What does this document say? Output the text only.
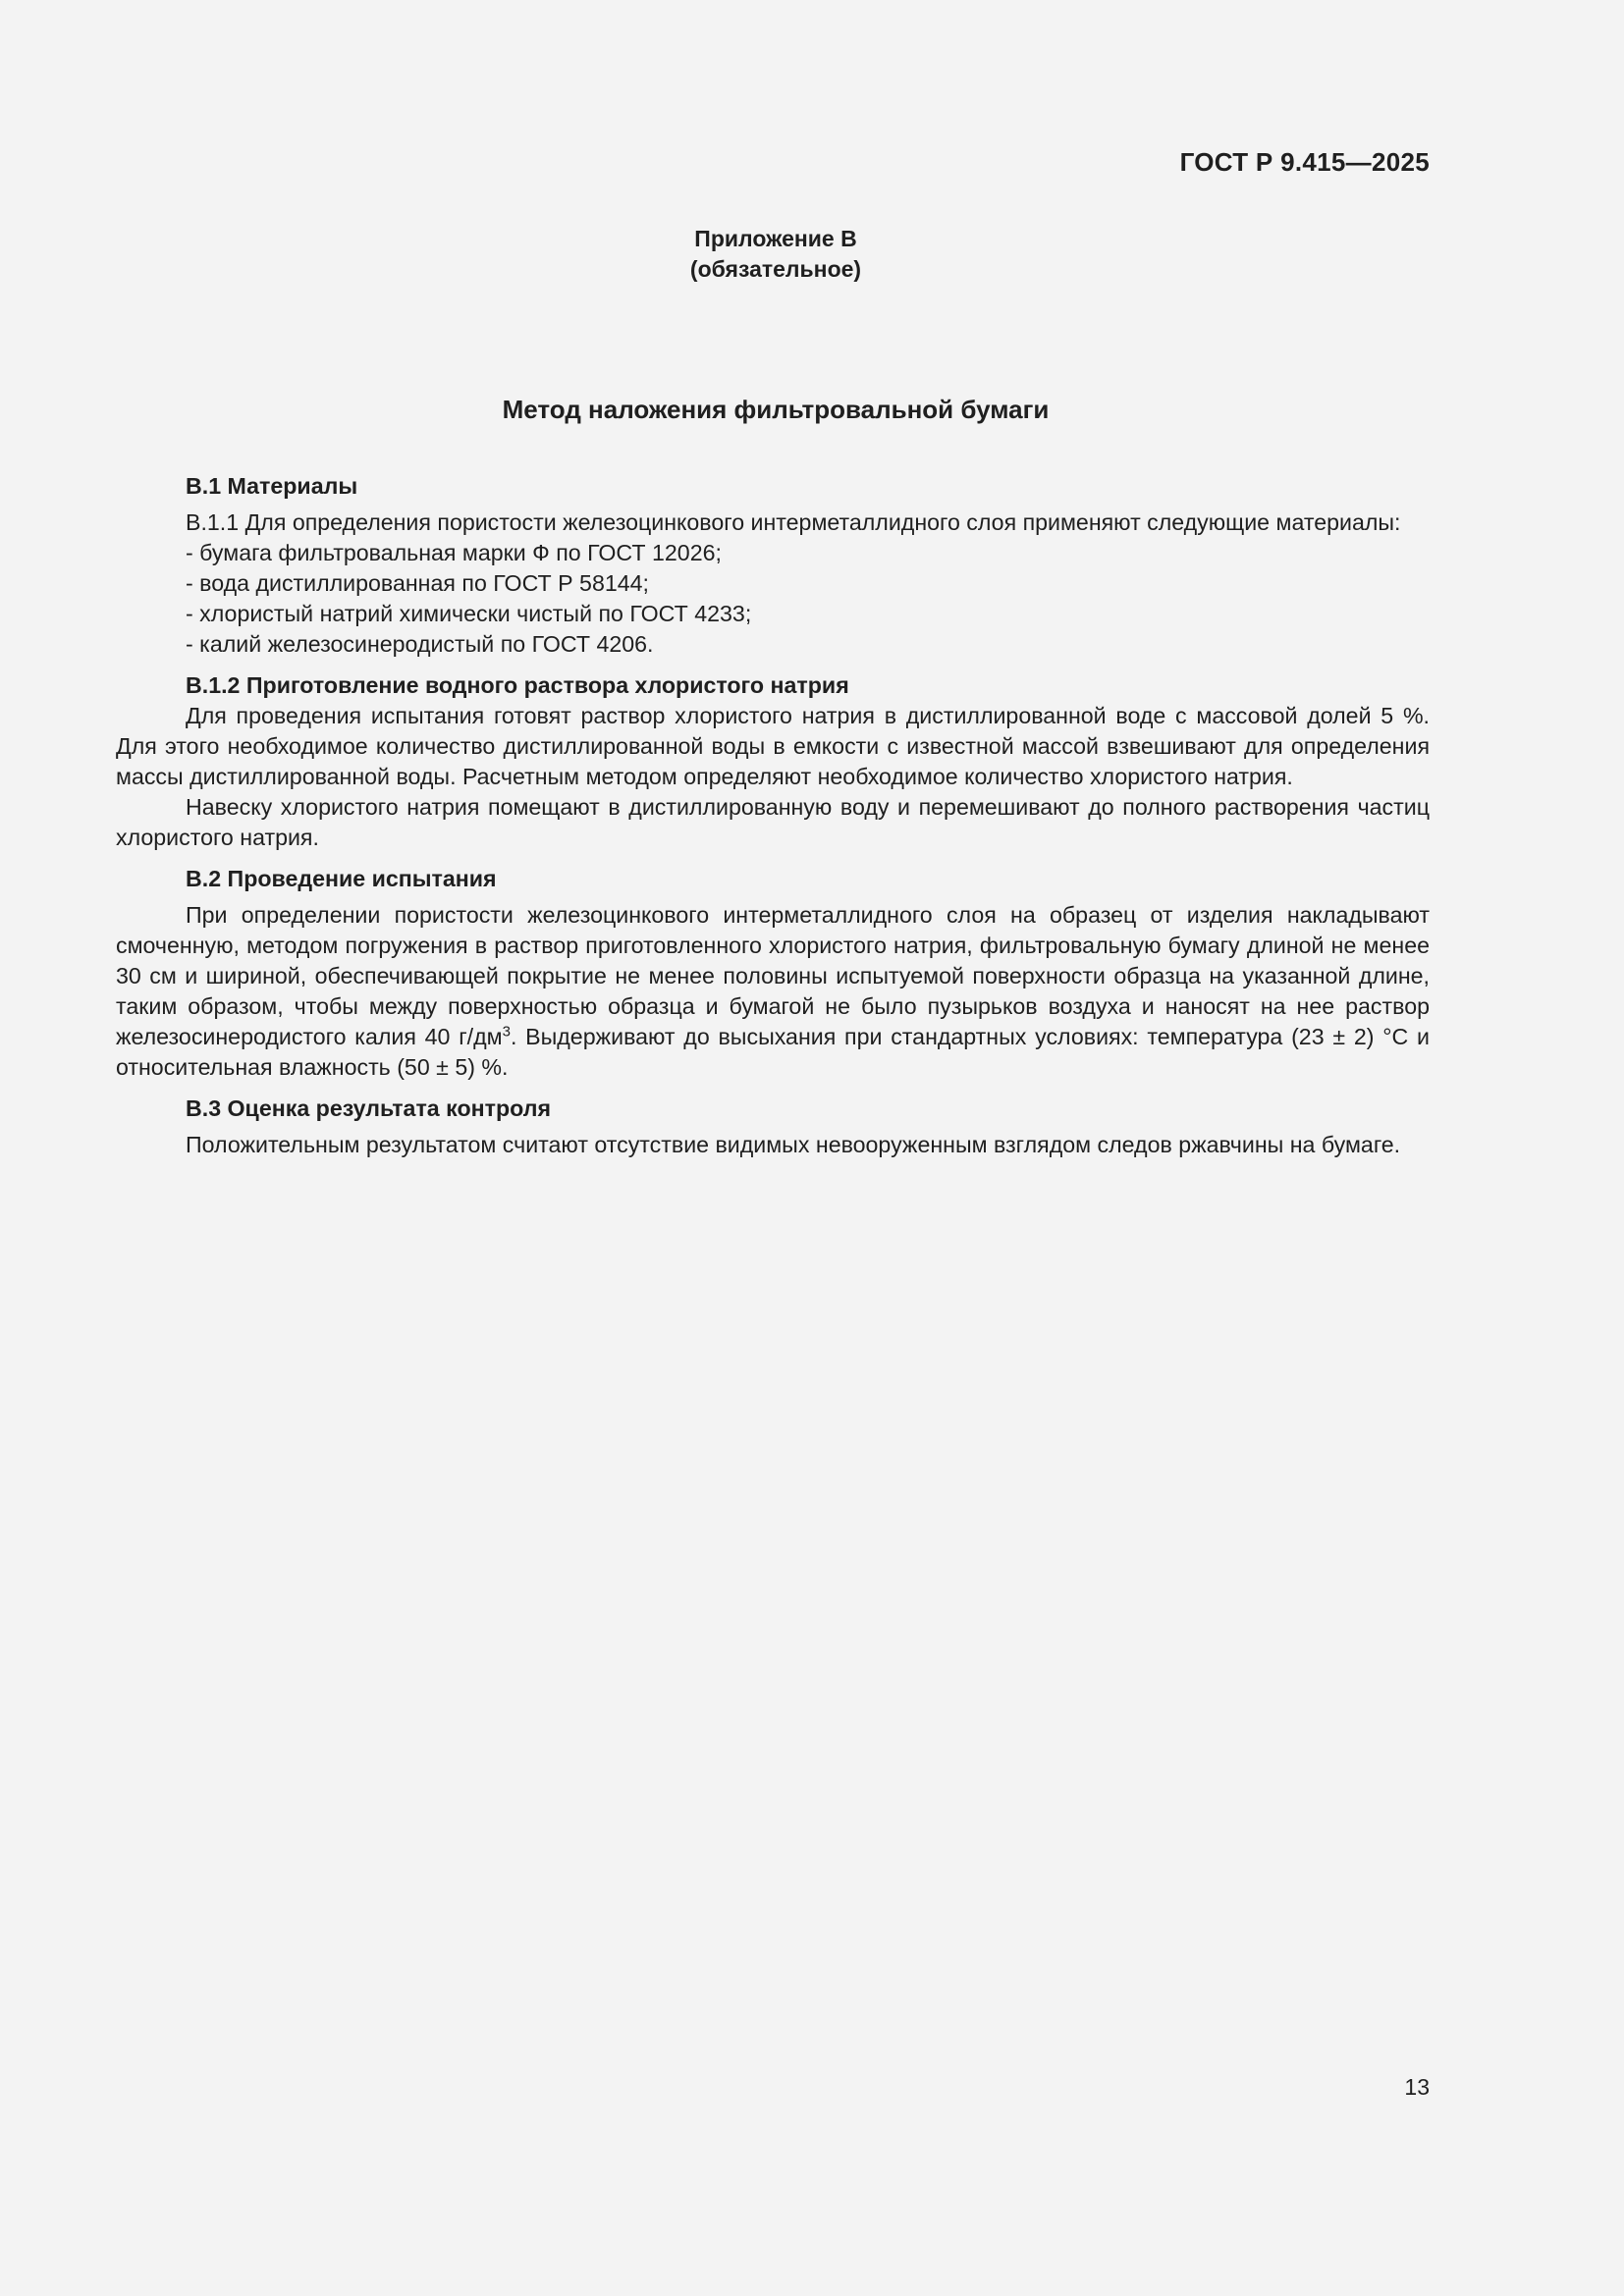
ГОСТ Р 9.415—2025
Приложение В
(обязательное)
Метод наложения фильтровальной бумаги

В.1 Материалы

В.1.1 Для определения пористости железоцинкового интерметаллидного слоя применяют следующие материалы:

- бумага фильтровальная марки Ф по ГОСТ 12026;

- вода дистиллированная по ГОСТ Р 58144;

- хлористый натрий химически чистый по ГОСТ 4233;

- калий железосинеродистый по ГОСТ 4206.

В.1.2 Приготовление водного раствора хлористого натрия

Для проведения испытания готовят раствор хлористого натрия в дистиллированной воде с массовой долей 5 %. Для этого необходимое количество дистиллированной воды в емкости с известной массой взвешивают для определения массы дистиллированной воды. Расчетным методом определяют необходимое количество хлористого натрия.

Навеску хлористого натрия помещают в дистиллированную воду и перемешивают до полного растворения частиц хлористого натрия.

В.2 Проведение испытания

При определении пористости железоцинкового интерметаллидного слоя на образец от изделия накладывают смоченную, методом погружения в раствор приготовленного хлористого натрия, фильтровальную бумагу длиной не менее 30 см и шириной, обеспечивающей покрытие не менее половины испытуемой поверхности образца на указанной длине, таким образом, чтобы между поверхностью образца и бумагой не было пузырьков воздуха и наносят на нее раствор железосинеродистого калия 40 $г/дм^3$. Выдерживают до высыхания при стандартных условиях: температура (23 ± 2) °С и относительная влажность (50 ± 5) %.

В.3 Оценка результата контроля

Положительным результатом считают отсутствие видимых невооруженным взглядом следов ржавчины на бумаге.

13
